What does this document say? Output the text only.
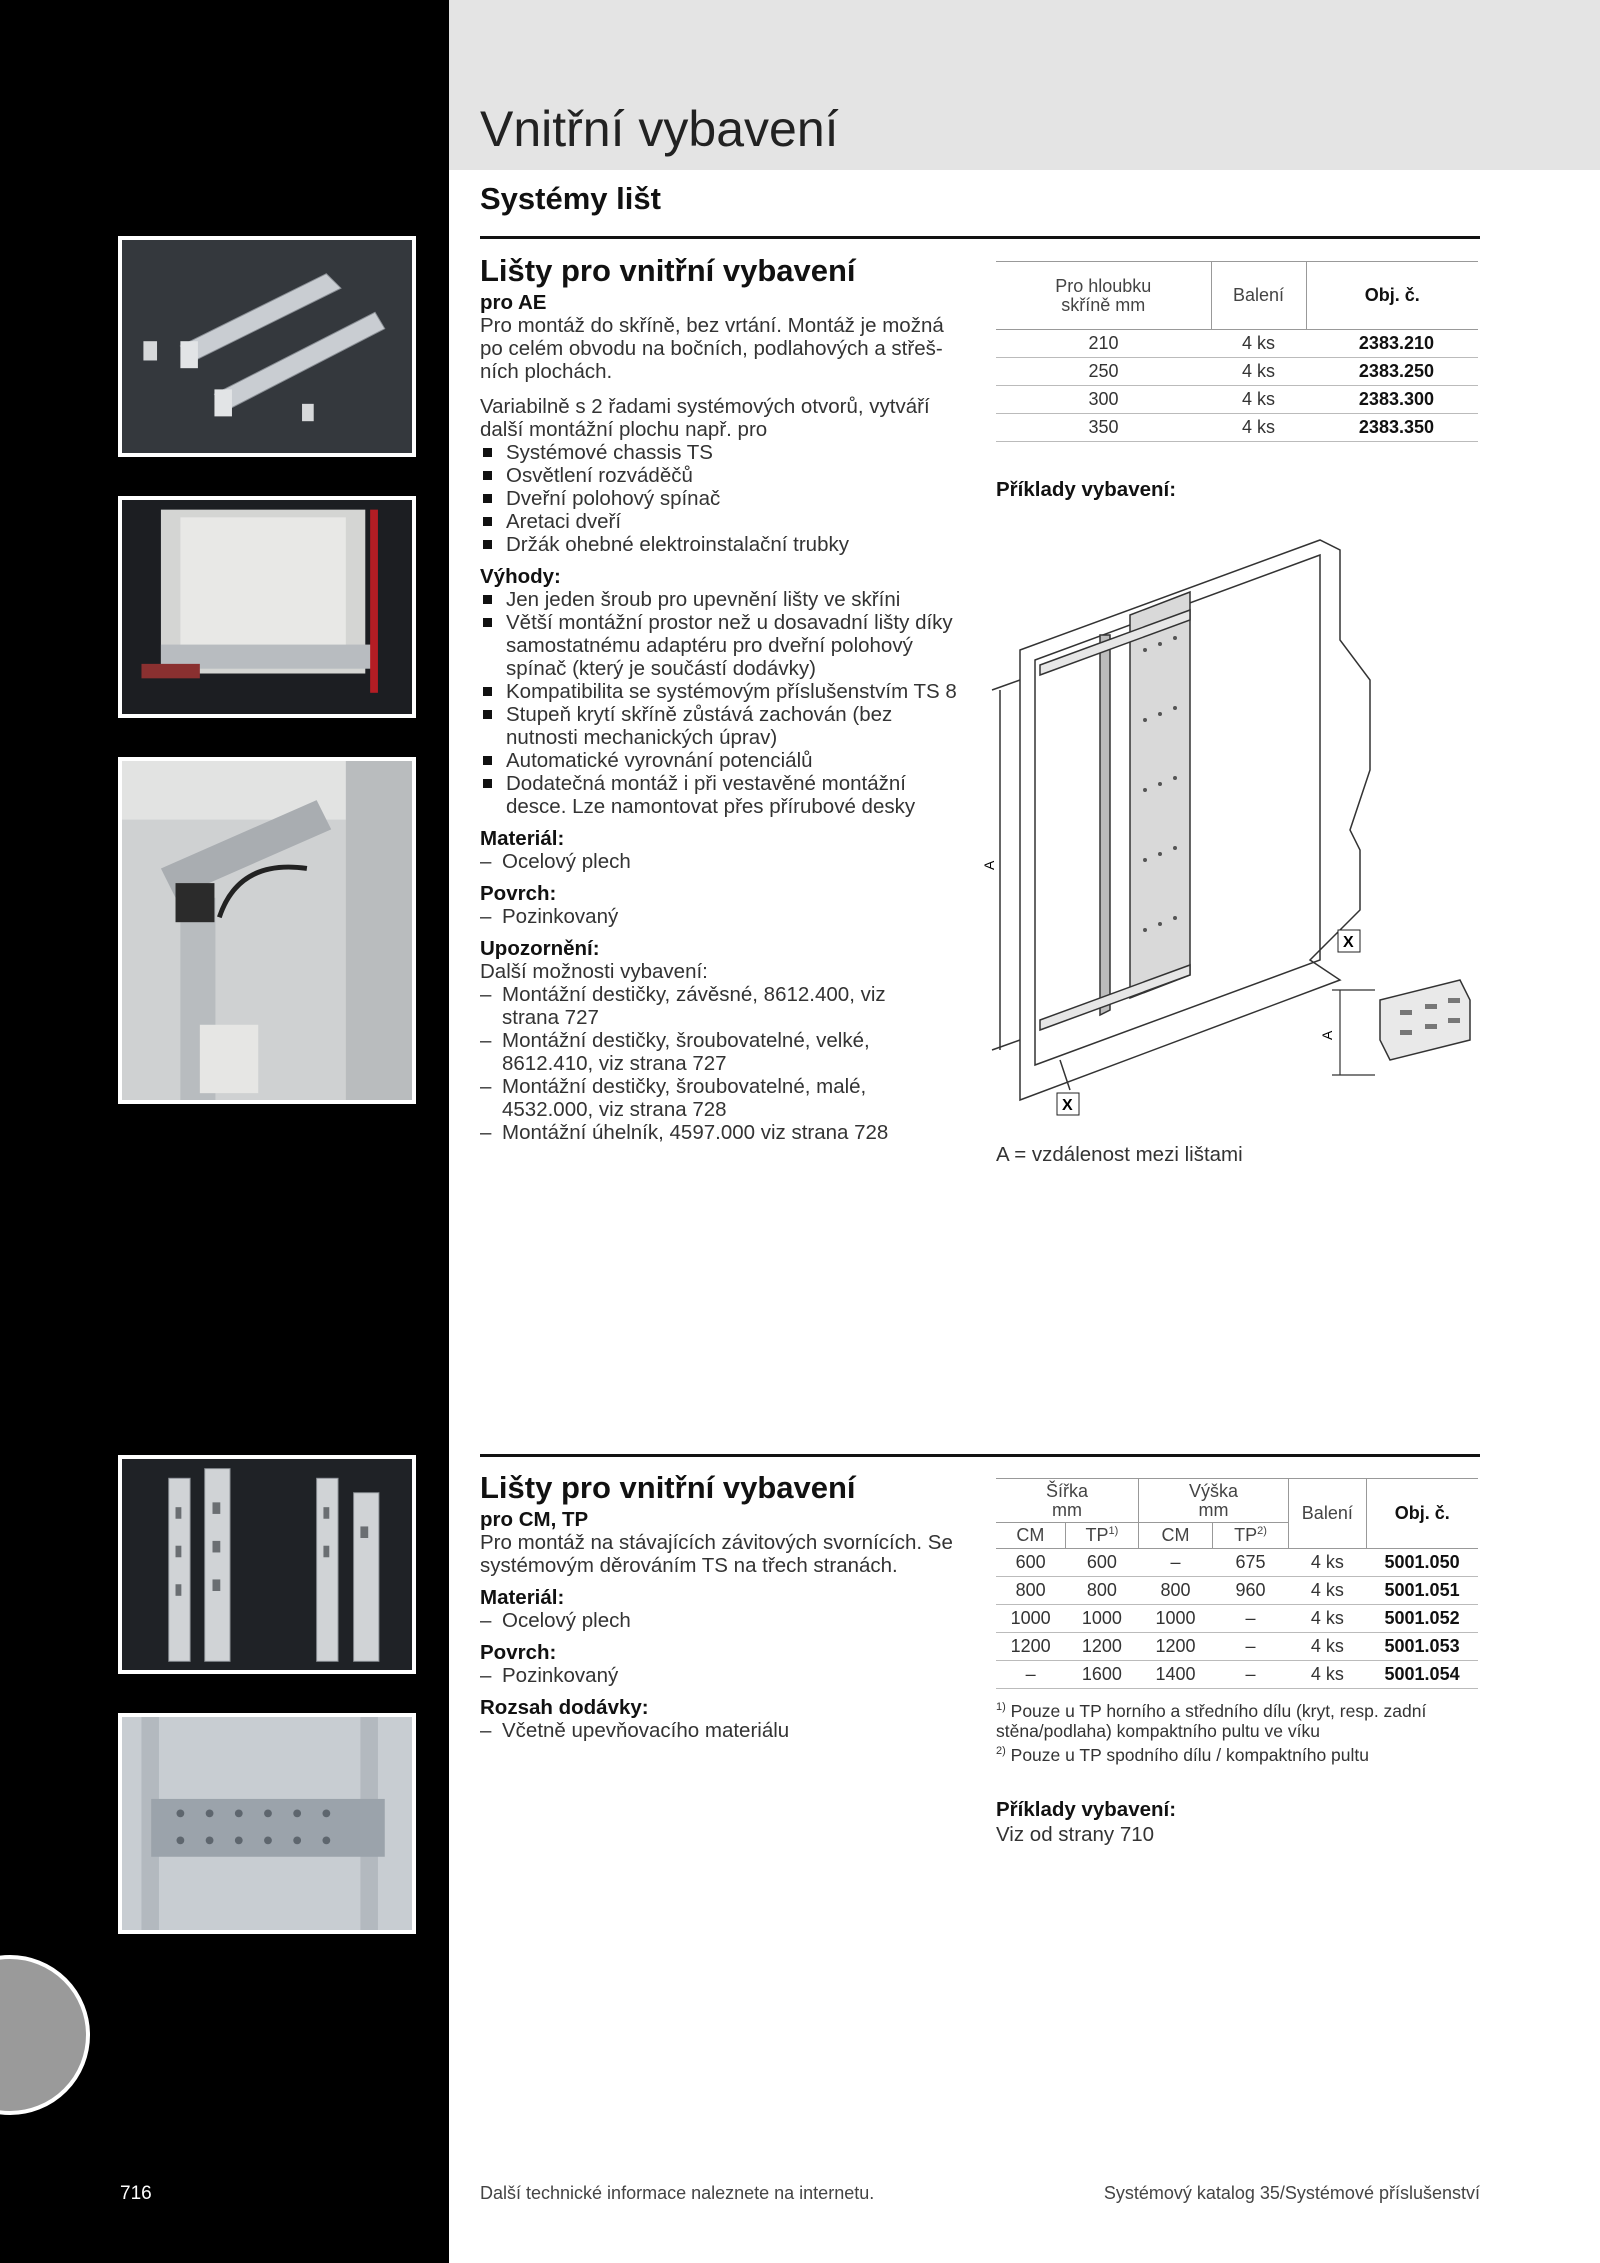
716
Vnitřní vybavení
Systémy lišt
Lišty pro vnitřní vybavení
pro AE

Pro montáž do skříně, bez vrtání. Montáž je možná po celém obvodu na bočních, podlahových a střešních plochách.

Variabilně s 2 řadami systémových otvorů, vytváří další montážní plochu např. pro

Systémové chassis TS
Osvětlení rozváděčů
Dveřní polohový spínač
Aretaci dveří
Držák ohebné elektroinstalační trubky
Výhody:
Jen jeden šroub pro upevnění lišty ve skříni
Větší montážní prostor než u dosavadní lišty díky samostatnému adaptéru pro dveřní polohový spínač (který je součástí dodávky)
Kompatibilita se systémovým příslušenstvím TS 8
Stupeň krytí skříně zůstává zachován (bez nutnosti mechanických úprav)
Automatické vyrovnání potenciálů
Dodatečná montáž i při vestavěné montážní desce. Lze namontovat přes přírubové desky
Materiál:
– Ocelový plech
Povrch:
– Pozinkovaný
Upozornění:

Další možnosti vybavení:

– Montážní destičky, závěsné, 8612.400, viz strana 727
– Montážní destičky, šroubovatelné, velké, 8612.410, viz strana 727
– Montážní destičky, šroubovatelné, malé, 4532.000, viz strana 728
– Montážní úhelník, 4597.000 viz strana 728
Pro hloubku skříně mm	Balení	Obj. č.
210	4 ks	2383.210
250	4 ks	2383.250
300	4 ks	2383.300
350	4 ks	2383.350
Příklady vybavení:
A
X
X
A
A = vzdálenost mezi lištami
Lišty pro vnitřní vybavení
pro CM, TP

Pro montáž na stávajících závitových svornících. Se systémovým děrováním TS na třech stranách.

Materiál:
– Ocelový plech
Povrch:
– Pozinkovaný
Rozsah dodávky:
– Včetně upevňovacího materiálu
Šířka mm		Výška mm		Balení	Obj. č.
CM	TP$^{1)}$	CM	TP$^{2)}$
600	600	–	675	4 ks	5001.050
800	800	800	960	4 ks	5001.051
1000	1000	1000	–	4 ks	5001.052
1200	1200	1200	–	4 ks	5001.053
–	1600	1400	–	4 ks	5001.054
$^{1)}$ Pouze u TP horního a středního dílu (kryt, resp. zadní stěna/podlaha) kompaktního pultu ve víku
$^{2)}$ Pouze u TP spodního dílu / kompaktního pultu
Příklady vybavení:
Viz od strany 710
Další technické informace naleznete na internetu.	Systémový katalog 35/Systémové příslušenství
